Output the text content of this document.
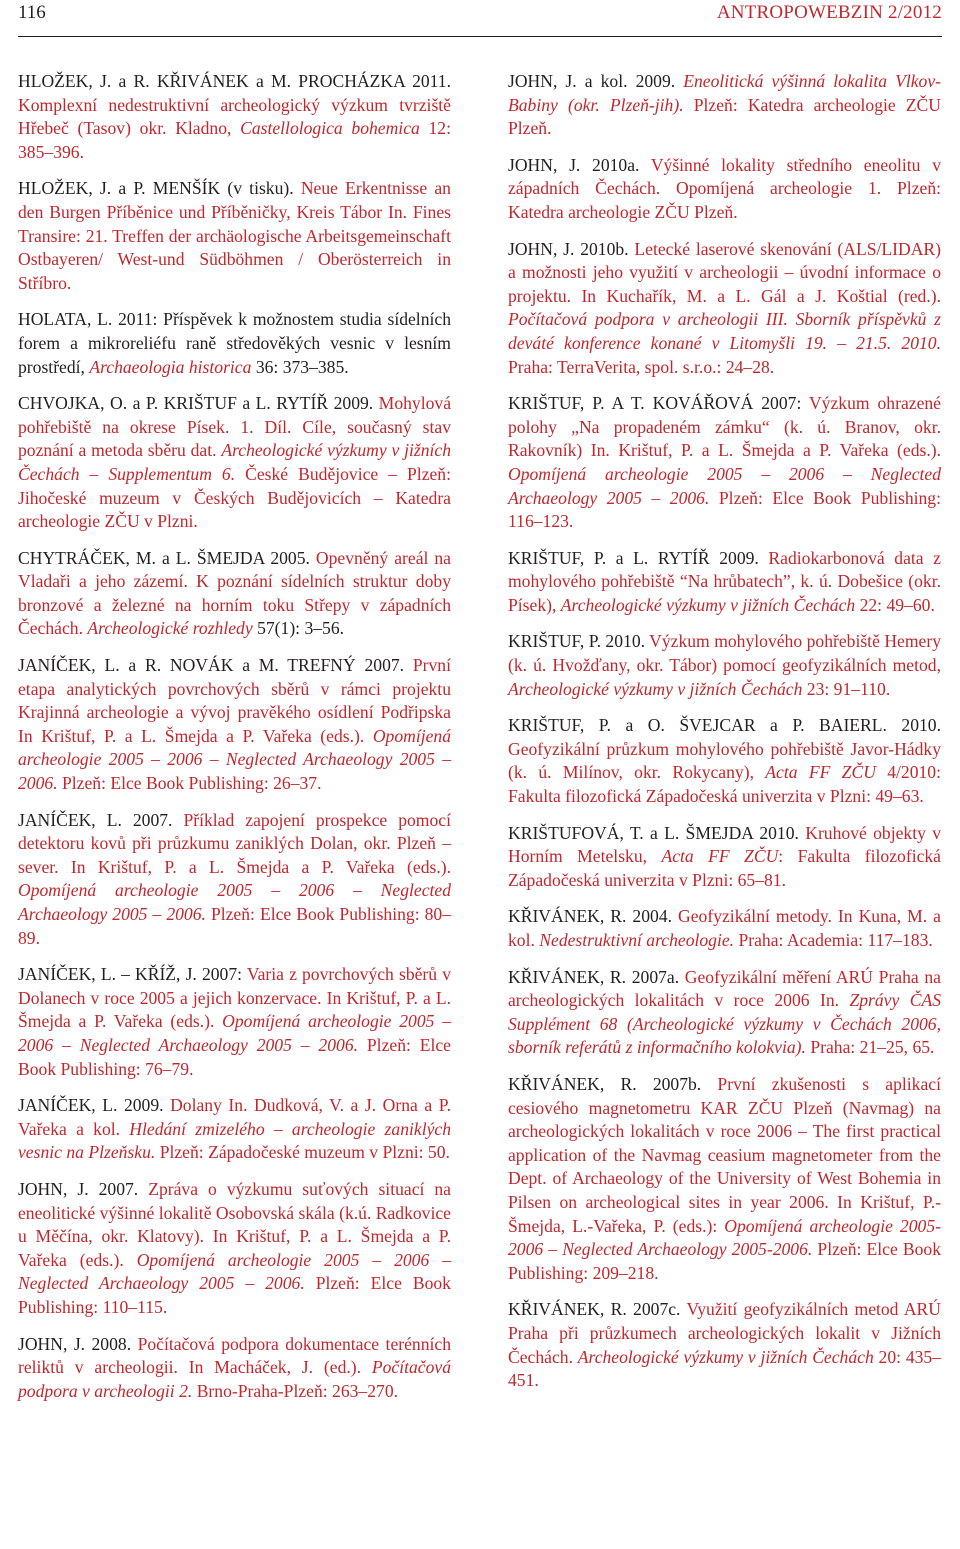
116	ANTROPOWEBZIN 2/2012

HLOŽEK, J. a R. KŘIVÁNEK a M. PROCHÁZKA 2011. Komplexní nedestruktivní archeologický výzkum tvrziště Hřebeč (Tasov) okr. Kladno, Castellologica bohemica 12: 385–396.

HLOŽEK, J. a P. MENŠÍK (v tisku). Neue Erkentnisse an den Burgen Příběnice und Příběničky, Kreis Tábor In. Fines Transire: 21. Treffen der archäologische Arbeitsgemeinschaft Ostbayeren/ West-und Südböhmen / Oberösterreich in Stříbro.

HOLATA, L. 2011: Příspěvek k možnostem studia sídelních forem a mikroreliéfu raně středověkých vesnic v lesním prostředí, Archaeologia historica 36: 373–385.

CHVOJKA, O. a P. KRIŠTUF a L. RYTÍŘ 2009. Mohylová pohřebiště na okrese Písek. 1. Díl. Cíle, současný stav poznání a metoda sběru dat. Archeologické výzkumy v jižních Čechách – Supplementum 6. České Budějovice – Plzeň: Jihočeské muzeum v Českých Budějovicích – Katedra archeologie ZČU v Plzni.

CHYTRÁČEK, M. a L. ŠMEJDA 2005. Opevněný areál na Vladaři a jeho zázemí. K poznání sídelních struktur doby bronzové a železné na horním toku Střepy v západních Čechách. Archeologické rozhledy 57(1): 3–56.

JANÍČEK, L. a R. NOVÁK a M. TREFNÝ 2007. První etapa analytických povrchových sběrů v rámci projektu Krajinná archeologie a vývoj pravěkého osídlení Podřipska In Krištuf, P. a L. Šmejda a P. Vařeka (eds.). Opomíjená archeologie 2005 – 2006 – Neglected Archaeology 2005 – 2006. Plzeň: Elce Book Publishing: 26–37.

JANÍČEK, L. 2007. Příklad zapojení prospekce pomocí detektoru kovů při průzkumu zaniklých Dolan, okr. Plzeň – sever. In Krištuf, P. a L. Šmejda a P. Vařeka (eds.). Opomíjená archeologie 2005 – 2006 – Neglected Archaeology 2005 – 2006. Plzeň: Elce Book Publishing: 80–89.

JANÍČEK, L. – KŘÍŽ, J. 2007: Varia z povrchových sběrů v Dolanech v roce 2005 a jejich konzervace. In Krištuf, P. a L. Šmejda a P. Vařeka (eds.). Opomíjená archeologie 2005 – 2006 – Neglected Archaeology 2005 – 2006. Plzeň: Elce Book Publishing: 76–79.

JANÍČEK, L. 2009. Dolany In. Dudková, V. a J. Orna a P. Vařeka a kol. Hledání zmizelého – archeologie zaniklých vesnic na Plzeňsku. Plzeň: Západočeské muzeum v Plzni: 50.

JOHN, J. 2007. Zpráva o výzkumu suťových situací na eneolitické výšinné lokalitě Osobovská skála (k.ú. Radkovice u Měčína, okr. Klatovy). In Krištuf, P. a L. Šmejda a P. Vařeka (eds.). Opomíjená archeologie 2005 – 2006 – Neglected Archaeology 2005 – 2006. Plzeň: Elce Book Publishing: 110–115.

JOHN, J. 2008. Počítačová podpora dokumentace terénních reliktů v archeologii. In Macháček, J. (ed.). Počítačová podpora v archeologii 2. Brno-Praha-Plzeň: 263–270.

JOHN, J. a kol. 2009. Eneolitická výšinná lokalita Vlkov-Babiny (okr. Plzeň-jih). Plzeň: Katedra archeologie ZČU Plzeň.

JOHN, J. 2010a. Výšinné lokality středního eneolitu v západních Čechách. Opomíjená archeologie 1. Plzeň: Katedra archeologie ZČU Plzeň.

JOHN, J. 2010b. Letecké laserové skenování (ALS/LIDAR) a možnosti jeho využití v archeologii – úvodní informace o projektu. In Kuchařík, M. a L. Gál a J. Koštial (red.). Počítačová podpora v archeologii III. Sborník příspěvků z deváté konference konané v Litomyšli 19. – 21.5. 2010. Praha: TerraVerita, spol. s.r.o.: 24–28.

KRIŠTUF, P. A T. KOVÁŘOVÁ 2007: Výzkum ohrazené polohy „Na propadeném zámku“ (k. ú. Branov, okr. Rakovník) In. Krištuf, P. a L. Šmejda a P. Vařeka (eds.). Opomíjená archeologie 2005 – 2006 – Neglected Archaeology 2005 – 2006. Plzeň: Elce Book Publishing: 116–123.

KRIŠTUF, P. a L. RYTÍŘ 2009. Radiokarbonová data z mohylového pohřebiště “Na hrůbatech”, k. ú. Dobešice (okr. Písek), Archeologické výzkumy v jižních Čechách 22: 49–60.

KRIŠTUF, P. 2010. Výzkum mohylového pohřebiště Hemery (k. ú. Hvožďany, okr. Tábor) pomocí geofyzikálních metod, Archeologické výzkumy v jižních Čechách 23: 91–110.

KRIŠTUF, P. a O. ŠVEJCAR a P. BAIERL. 2010. Geofyzikální průzkum mohylového pohřebiště Javor-Hádky (k. ú. Milínov, okr. Rokycany), Acta FF ZČU 4/2010: Fakulta filozofická Západočeská univerzita v Plzni: 49–63.

KRIŠTUFOVÁ, T. a L. ŠMEJDA 2010. Kruhové objekty v Horním Metelsku, Acta FF ZČU: Fakulta filozofická Západočeská univerzita v Plzni: 65–81.

KŘIVÁNEK, R. 2004. Geofyzikální metody. In Kuna, M. a kol. Nedestruktivní archeologie. Praha: Academia: 117–183.

KŘIVÁNEK, R. 2007a. Geofyzikální měření ARÚ Praha na archeologických lokalitách v roce 2006 In. Zprávy ČAS Supplément 68 (Archeologické výzkumy v Čechách 2006, sborník referátů z informačního kolokvia). Praha: 21–25, 65.

KŘIVÁNEK, R. 2007b. První zkušenosti s aplikací cesiového magnetometru KAR ZČU Plzeň (Navmag) na archeologických lokalitách v roce 2006 – The first practical application of the Navmag ceasium magnetometer from the Dept. of Archaeology of the University of West Bohemia in Pilsen on archeological sites in year 2006. In Krištuf, P.-Šmejda, L.-Vařeka, P. (eds.): Opomíjená archeologie 2005-2006 – Neglected Archaeology 2005-2006. Plzeň: Elce Book Publishing: 209–218.

KŘIVÁNEK, R. 2007c. Využití geofyzikálních metod ARÚ Praha při průzkumech archeologických lokalit v Jižních Čechách. Archeologické výzkumy v jižních Čechách 20: 435–451.
